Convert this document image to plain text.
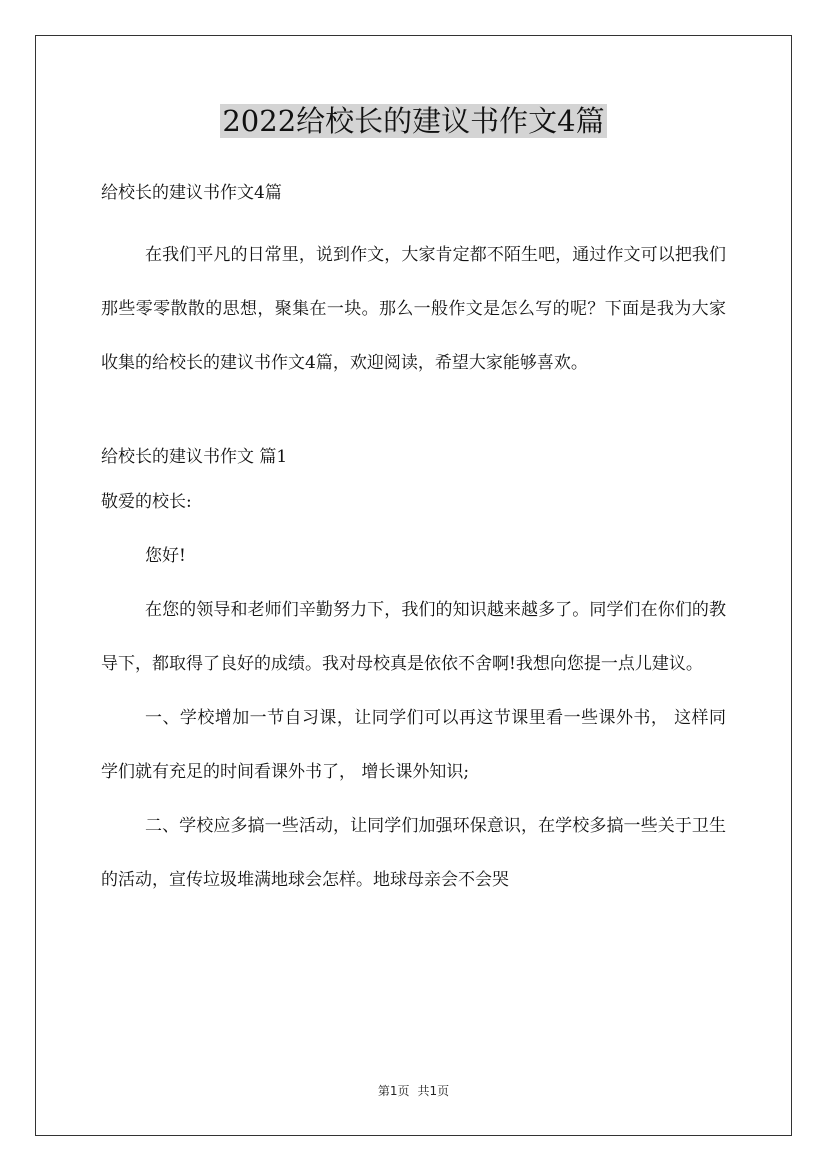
2022给校长的建议书作文4篇
给校长的建议书作文4篇

在我们平凡的日常里，说到作文，大家肯定都不陌生吧，通过作文可以把我们那些零零散散的思想，聚集在一块。那么一般作文是怎么写的呢？下面是我为大家收集的给校长的建议书作文4篇，欢迎阅读，希望大家能够喜欢。

给校长的建议书作文 篇1
敬爱的校长:
您好!

在您的领导和老师们辛勤努力下，我们的知识越来越多了。同学们在你们的教导下，都取得了良好的成绩。我对母校真是依依不舍啊!我想向您提一点儿建议。

一、学校增加一节自习课，让同学们可以再这节课里看一些课外书， 这样同学们就有充足的时间看课外书了， 增长课外知识;

二、学校应多搞一些活动，让同学们加强环保意识，在学校多搞一些关于卫生的活动，宣传垃圾堆满地球会怎样。地球母亲会不会哭

第1页 共1页
